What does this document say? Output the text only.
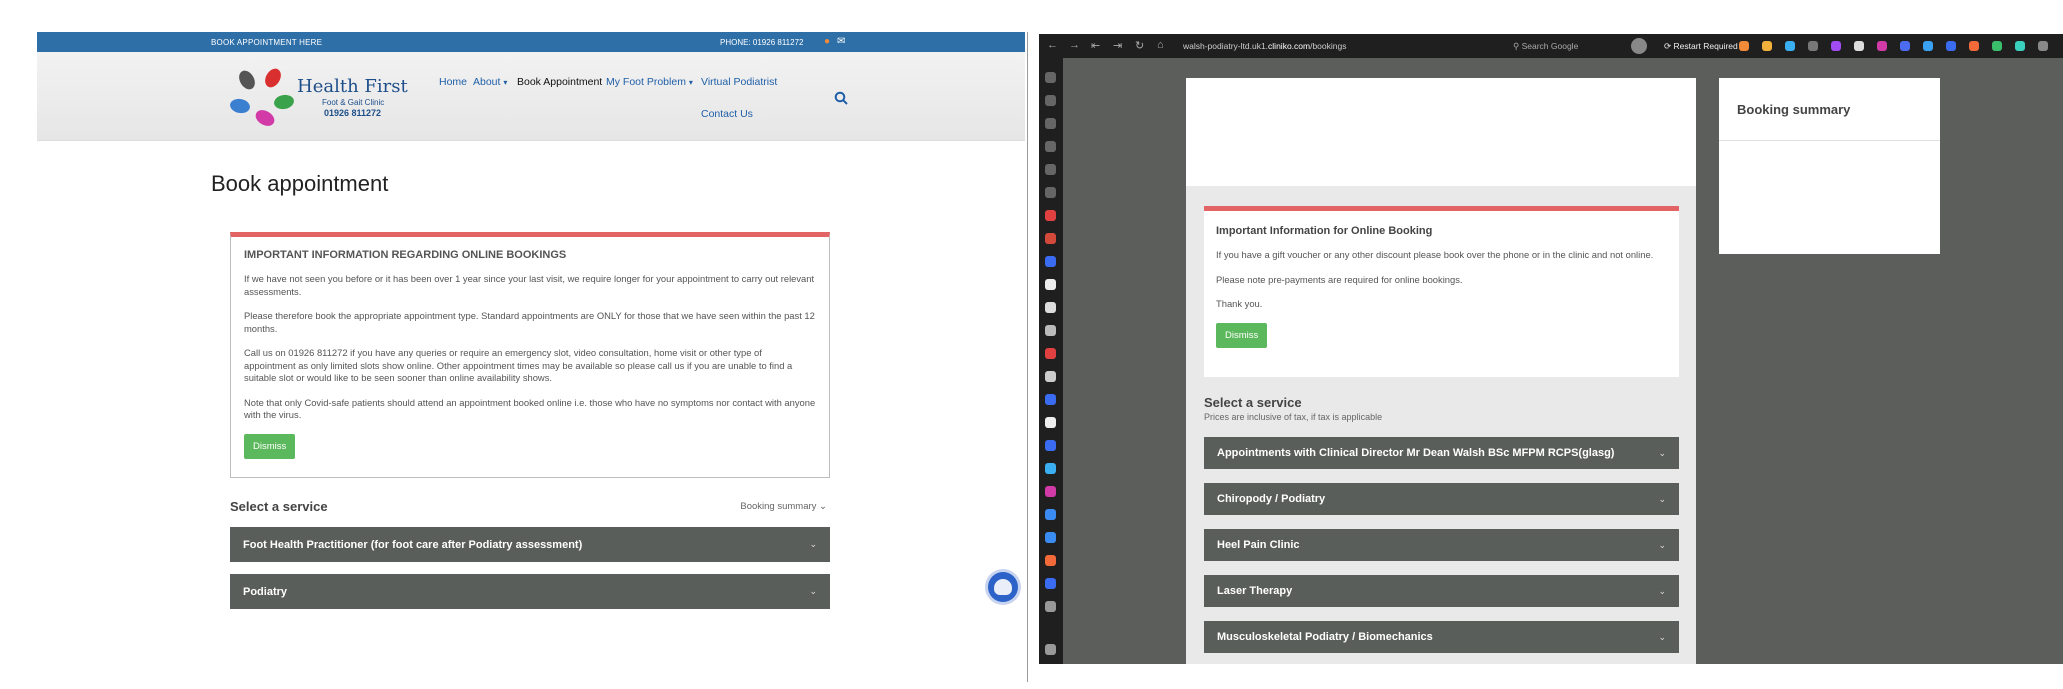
BOOK APPOINTMENT HERE	PHONE: 01926 811272 ● ✉
Health First
Foot & Gait Clinic
01926 811272
Home About ▾ Book Appointment My Foot Problem ▾ Virtual Podiatrist
Contact Us
Book appointment
IMPORTANT INFORMATION REGARDING ONLINE BOOKINGS

If we have not seen you before or it has been over 1 year since your last visit, we require longer for your appointment to carry out relevant assessments.

Please therefore book the appropriate appointment type. Standard appointments are ONLY for those that we have seen within the past 12 months.

Call us on 01926 811272 if you have any queries or require an emergency slot, video consultation, home visit or other type of appointment as only limited slots show online. Other appointment times may be available so please call us if you are unable to find a suitable slot or would like to be seen sooner than online availability shows.

Note that only Covid-safe patients should attend an appointment booked online i.e. those who have no symptoms nor contact with anyone with the virus.

Dismiss
Select a service	Booking summary ⌄
Foot Health Practitioner (for foot care after Podiatry assessment)	⌄
Podiatry	⌄
← → ⇤ ⇥ ↻ ⌂	walsh-podiatry-ltd.uk1.cliniko.com/bookings	⚲ Search Google	⟳ Restart Required
Important Information for Online Booking

If you have a gift voucher or any other discount please book over the phone or in the clinic and not online.

Please note pre-payments are required for online bookings.

Thank you.

Dismiss
Select a service
Prices are inclusive of tax, if tax is applicable
Appointments with Clinical Director Mr Dean Walsh BSc MFPM RCPS(glasg)	⌄
Chiropody / Podiatry	⌄
Heel Pain Clinic	⌄
Laser Therapy	⌄
Musculoskeletal Podiatry / Biomechanics	⌄
Booking summary
